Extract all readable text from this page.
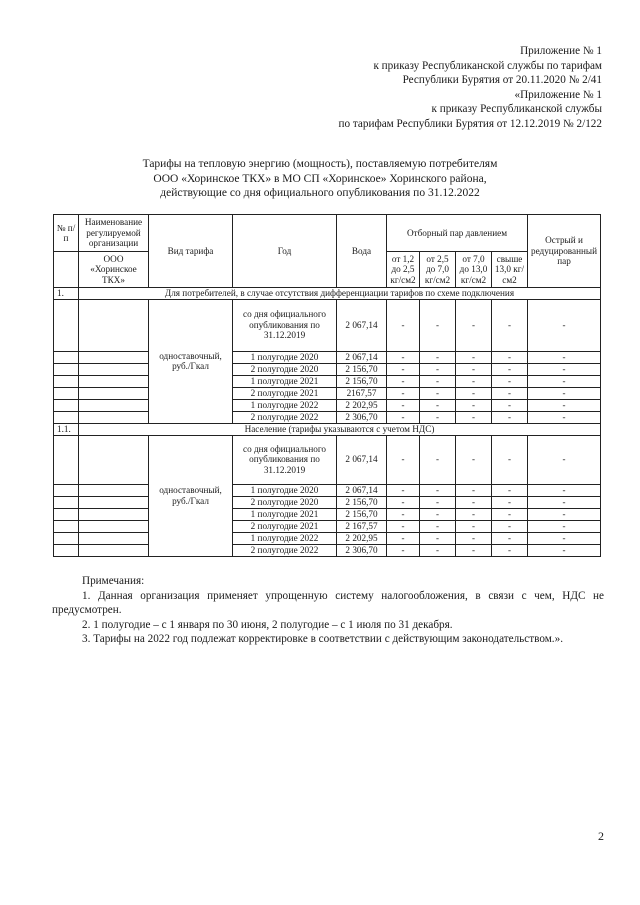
Приложение № 1
к приказу Республиканской службы по тарифам
Республики Бурятия от 20.11.2020 № 2/41
«Приложение № 1
к приказу Республиканской службы
по тарифам Республики Бурятия от 12.12.2019 № 2/122
Тарифы на тепловую энергию (мощность), поставляемую потребителям
ООО «Хоринское ТКХ» в МО СП «Хоринское» Хоринского района,
действующие со дня официального опубликования по 31.12.2022
№ п/п	Наименование регулируемой организации	Вид тарифа	Год	Вода	Отборный пар давлением				Острый и редуцированный пар
	ООО «Хоринское ТКХ»				от 1,2 до 2,5 кг/см2	от 2,5 до 7,0 кг/см2	от 7,0 до 13,0 кг/см2	свыше 13,0 кг/см2	
1.	Для потребителей, в случае отсутствия дифференциации тарифов по схеме подключения								
		одноставочный, руб./Гкал	со дня официального опубликования по 31.12.2019	2 067,14	-	-	-	-	-
			1 полугодие 2020	2 067,14	-	-	-	-	-
			2 полугодие 2020	2 156,70	-	-	-	-	-
			1 полугодие 2021	2 156,70	-	-	-	-	-
			2 полугодие 2021	2167,57	-	-	-	-	-
			1 полугодие 2022	2 202,95	-	-	-	-	-
			2 полугодие 2022	2 306,70	-	-	-	-	-
1.1.	Население (тарифы указываются с учетом НДС)								
		одноставочный, руб./Гкал	со дня официального опубликования по 31.12.2019	2 067,14	-	-	-	-	-
			1 полугодие 2020	2 067,14	-	-	-	-	-
			2 полугодие 2020	2 156,70	-	-	-	-	-
			1 полугодие 2021	2 156,70	-	-	-	-	-
			2 полугодие 2021	2 167,57	-	-	-	-	-
			1 полугодие 2022	2 202,95	-	-	-	-	-
			2 полугодие 2022	2 306,70	-	-	-	-	-

Примечания:

1. Данная организация применяет упрощенную систему налогообложения, в связи с чем, НДС не предусмотрен.

2. 1 полугодие – с 1 января по 30 июня, 2 полугодие – с 1 июля по 31 декабря.

3. Тарифы на 2022 год подлежат корректировке в соответствии с действующим законодательством.».

2
